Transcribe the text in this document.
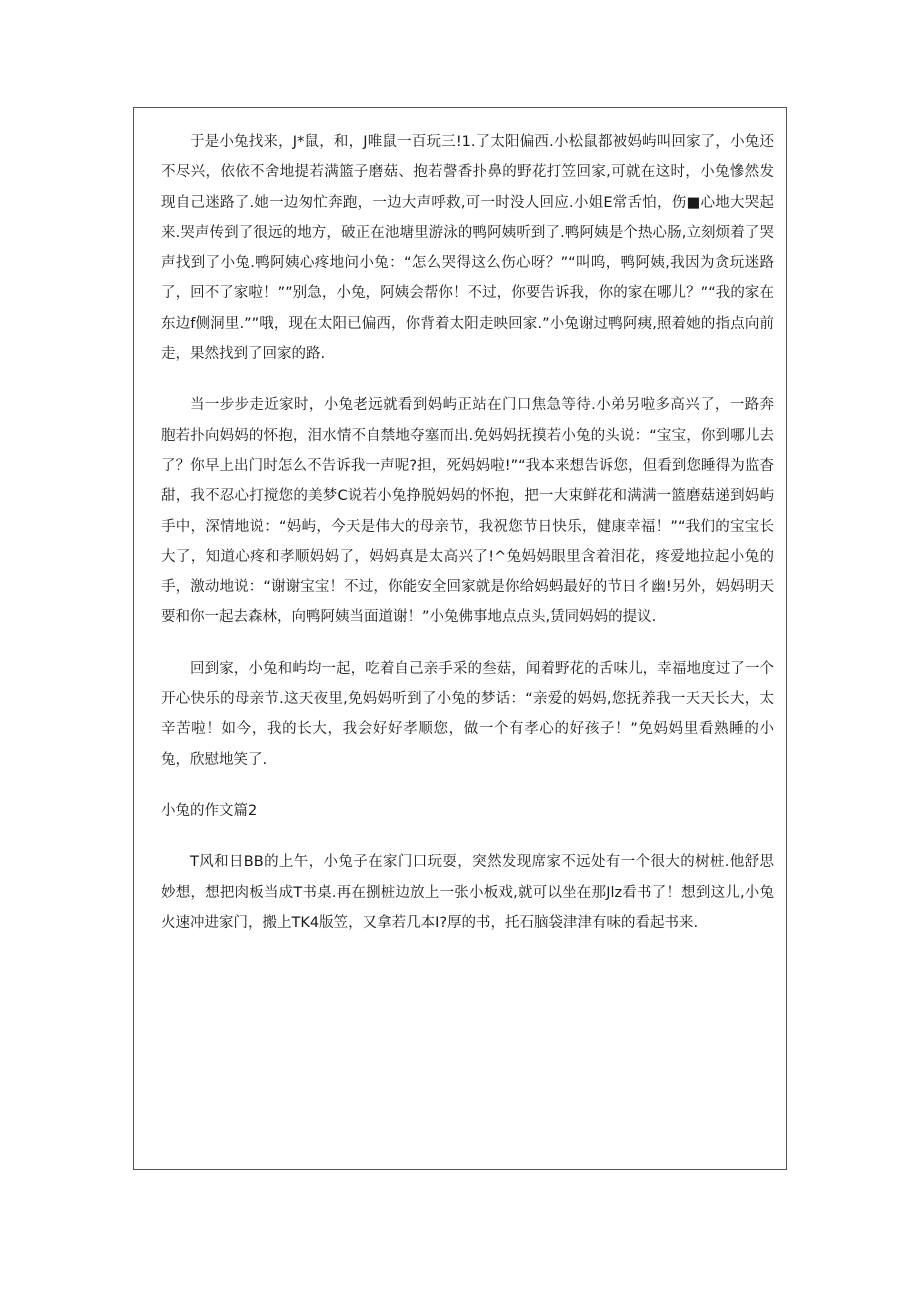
于是小兔找来，J*鼠，和，J唯鼠一百玩三!1.了太阳偏西.小松鼠都被妈屿叫回家了，小兔还不尽兴，依依不舍地提若满篮子磨菇、抱若謦香扑鼻的野花打笠回家,可就在这时，小兔慘然发现自己迷路了.她一边匆忙奔跑，一边大声呼救,可一时没人回应.小姐E常舌怕，伤■心地大哭起来.哭声传到了很远的地方，破正在池塘里游泳的鸭阿姨听到了.鸭阿姨是个热心肠,立刻烦着了哭声找到了小兔.鸭阿姨心疼地问小兔：“怎么哭得这么伤心呀？”“叫呜，鸭阿姨,我因为贪玩迷路了，回不了家啦！””别急，小兔，阿姨会帮你！不过，你要告诉我，你的家在哪儿？”“我的家在东边f侧洞里.””哦，现在太阳已偏西，你背着太阳走映回家.”小兔谢过鸭阿痍,照着她的指点向前走，果然找到了回家的路.

当一步步走近家时，小兔老远就看到妈屿正站在门口焦急等待.小弟另啦多高兴了，一路奔胞若扑向妈妈的怀抱，泪水情不自禁地夺塞而出.免妈妈抚摸若小兔的头说：“宝宝，你到哪儿去了？你早上出门时怎么不告诉我一声呢?担，死妈妈啦!”“我本来想告诉您，但看到您睡得为监杳甜，我不忍心打搅您的美梦C说若小兔挣脱妈妈的怀抱，把一大束鲜花和满满一篮磨菇递到妈屿手中，深情地说：“妈屿，今天是伟大的母亲节，我祝您节日快乐，健康幸福！”“我们的宝宝长大了，知道心疼和孝顺妈妈了，妈妈真是太高兴了!^兔妈妈眼里含着泪花，疼爱地拉起小兔的手，激动地说：“谢谢宝宝！不过，你能安全回家就是你给妈蚂最好的节日彳幽!另外，妈妈明天要和你一起去森林，向鸭阿姨当面道谢！”小兔佛事地点点头,赁同妈妈的提议.

回到家，小兔和屿均一起，吃着自己亲手采的叁菇，闻着野花的舌味儿，幸福地度过了一个开心快乐的母亲节.这天夜里,免妈妈听到了小兔的梦话：“亲爱的妈妈,您抚养我一天天长大，太辛苦啦！如今，我的长大，我会好好孝顺您，做一个有孝心的好孩子！”免妈妈里看熟睡的小兔，欣慰地笑了.

小兔的作文篇2

T风和日BB的上午，小兔子在家门口玩耍，突然发现席家不远处有一个很大的树桩.他舒思妙想，想把肉板当成T书桌.再在捌桩边放上一张小板戏,就可以坐在那Jlz看书了！想到这儿,小兔火速冲进家门，搬上TK4版笠，又拿若几本I?厚的书，托石脑袋津津有味的看起书来.
